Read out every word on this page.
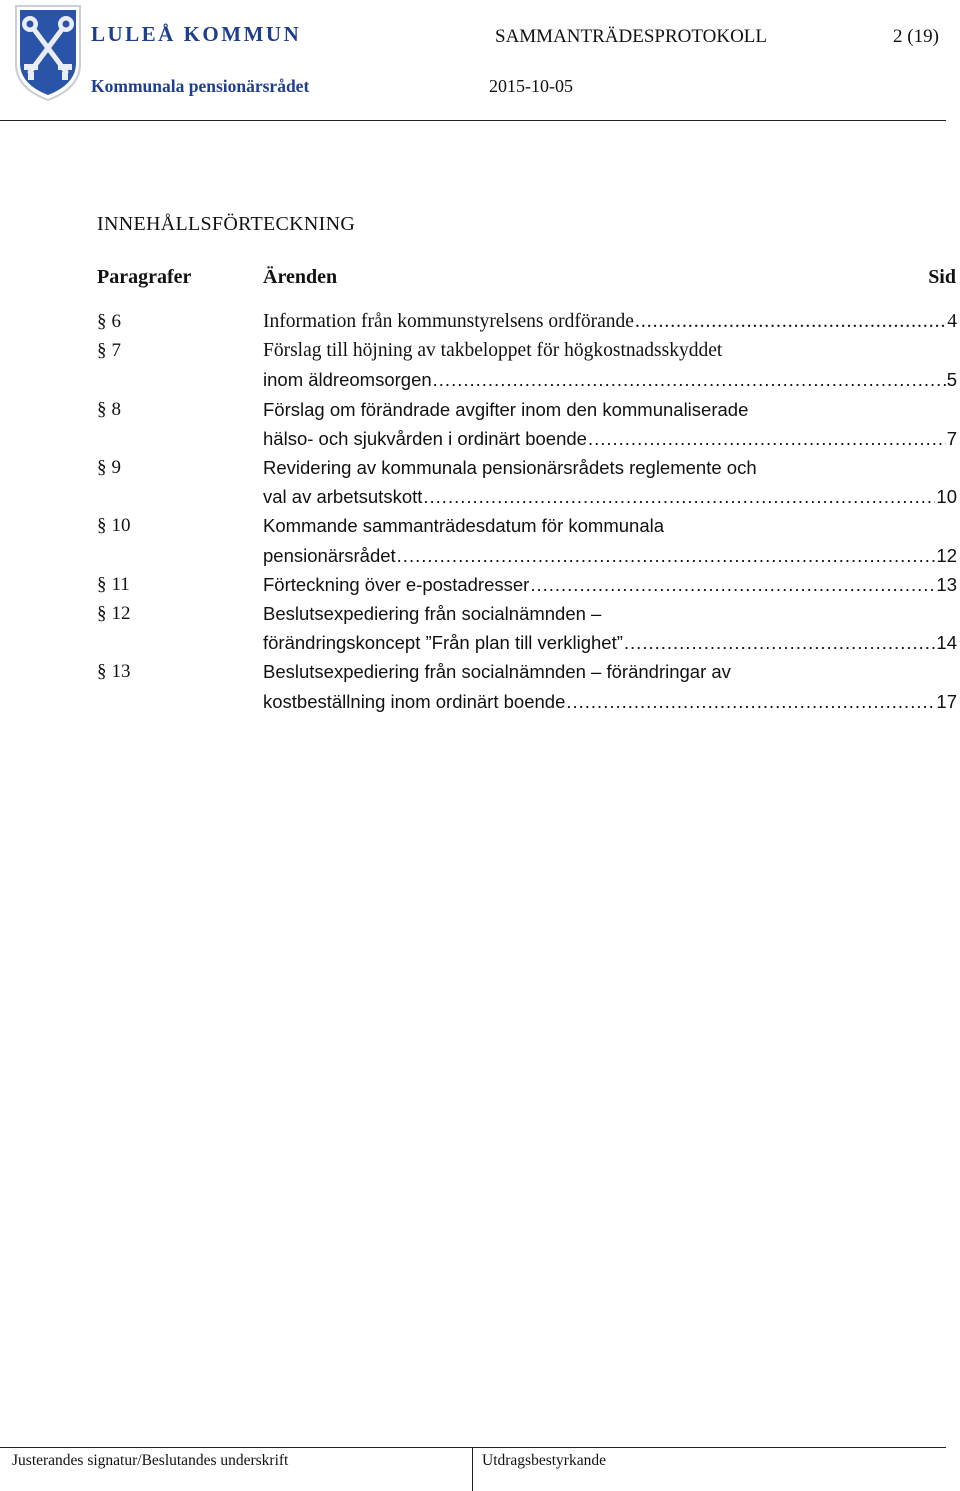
LULEÅ KOMMUN
Kommunala pensionärsrådet
SAMMANTRÄDESPROTOKOLL	2 (19)
2015-10-05
INNEHÅLLSFÖRTECKNING
Paragrafer	Ärenden	Sid
§ 6	Information från kommunstyrelsens ordförande .....	4
§ 7	Förslag till höjning av takbeloppet för högkostnadsskyddet
inom äldreomsorgen .....	5
§ 8	Förslag om förändrade avgifter inom den kommunaliserade
hälso- och sjukvården i ordinärt boende .....	7
§ 9	Revidering av kommunala pensionärsrådets reglemente och
val av arbetsutskott .....	10
§ 10	Kommande sammanträdesdatum för kommunala
pensionärsrådet .....	12
§ 11	Förteckning över e-postadresser .....	13
§ 12	Beslutsexpediering från socialnämnden –
förändringskoncept ”Från plan till verklighet” .....	14
§ 13	Beslutsexpediering från socialnämnden – förändringar av
kostbeställning inom ordinärt boende .....	17
Justerandes signatur/Beslutandes underskrift	Utdragsbestyrkande
